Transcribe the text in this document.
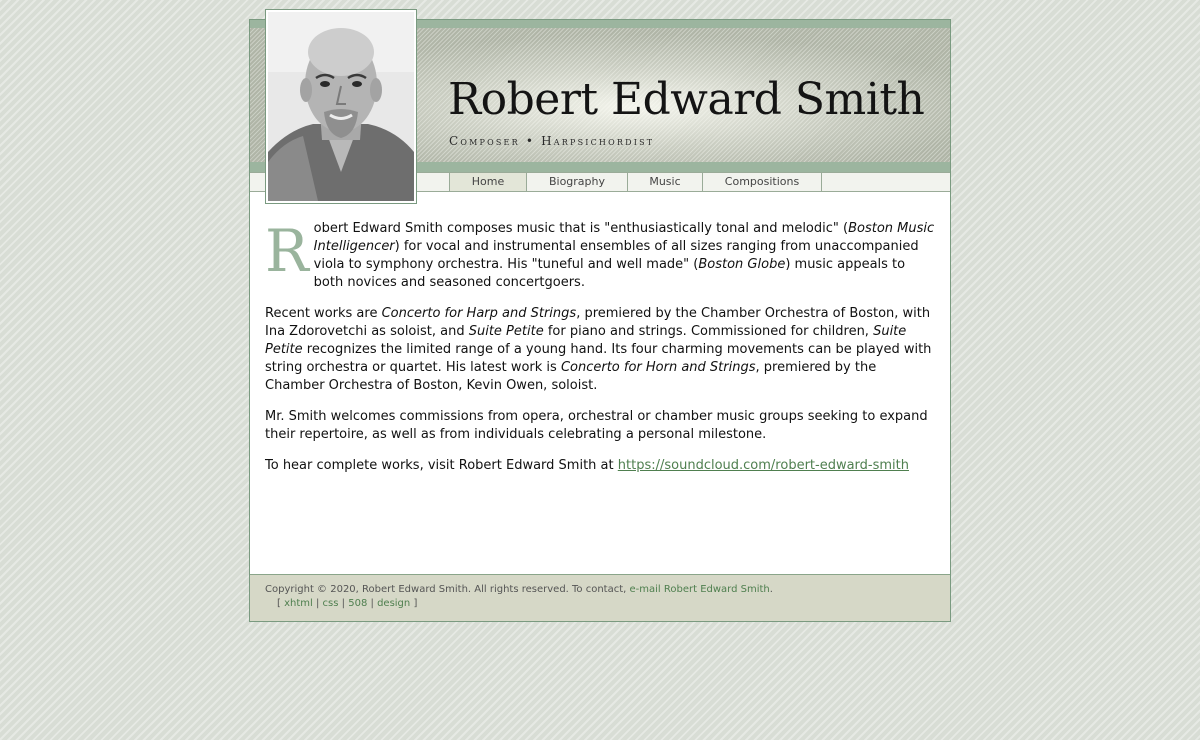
Robert Edward Smith
Composer • Harpsichordist
Home	Biography	Music	Compositions

Robert Edward Smith composes music that is "enthusiastically tonal and melodic" (Boston Music Intelligencer) for vocal and instrumental ensembles of all sizes ranging from unaccompanied viola to symphony orchestra. His "tuneful and well made" (Boston Globe) music appeals to both novices and seasoned concertgoers.

Recent works are Concerto for Harp and Strings, premiered by the Chamber Orchestra of Boston, with Ina Zdorovetchi as soloist, and Suite Petite for piano and strings. Commissioned for children, Suite Petite recognizes the limited range of a young hand. Its four charming movements can be played with string orchestra or quartet. His latest work is Concerto for Horn and Strings, premiered by the Chamber Orchestra of Boston, Kevin Owen, soloist.

Mr. Smith welcomes commissions from opera, orchestral or chamber music groups seeking to expand their repertoire, as well as from individuals celebrating a personal milestone.

To hear complete works, visit Robert Edward Smith at https://soundcloud.com/robert-edward-smith

Copyright © 2020, Robert Edward Smith. All rights reserved. To contact, e-mail Robert Edward Smith.
[ xhtml | css | 508 | design ]
